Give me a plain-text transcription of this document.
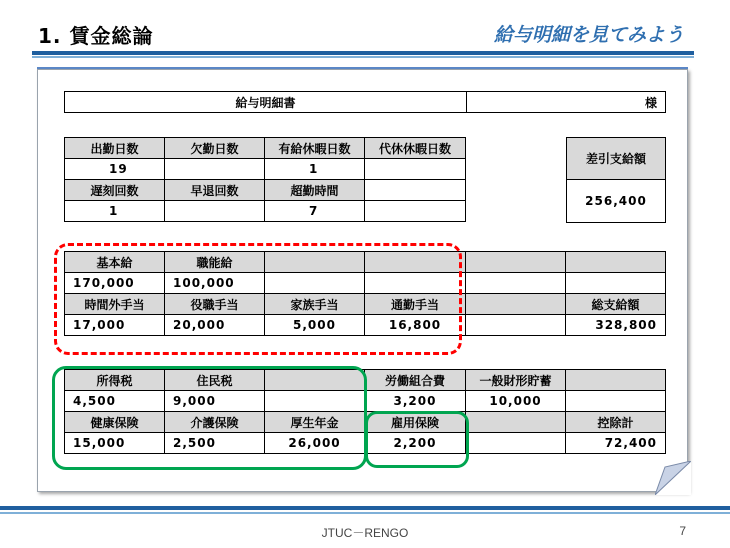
1. 賃金総論	給与明細を見てみよう
給与明細書	様
出勤日数	欠勤日数	有給休暇日数	代休休暇日数
19		1	
遅刻回数	早退回数	超勤時間	
1		7	
差引支給額
256,400
基本給	職能給				
170,000	100,000				
時間外手当	役職手当	家族手当	通勤手当		総支給額
17,000	20,000	5,000	16,800		328,800
所得税	住民税		労働組合費	一般財形貯蓄	
4,500	9,000		3,200	10,000	
健康保険	介護保険	厚生年金	雇用保険		控除計
15,000	2,500	26,000	2,200		72,400
JTUC－RENGO	7
